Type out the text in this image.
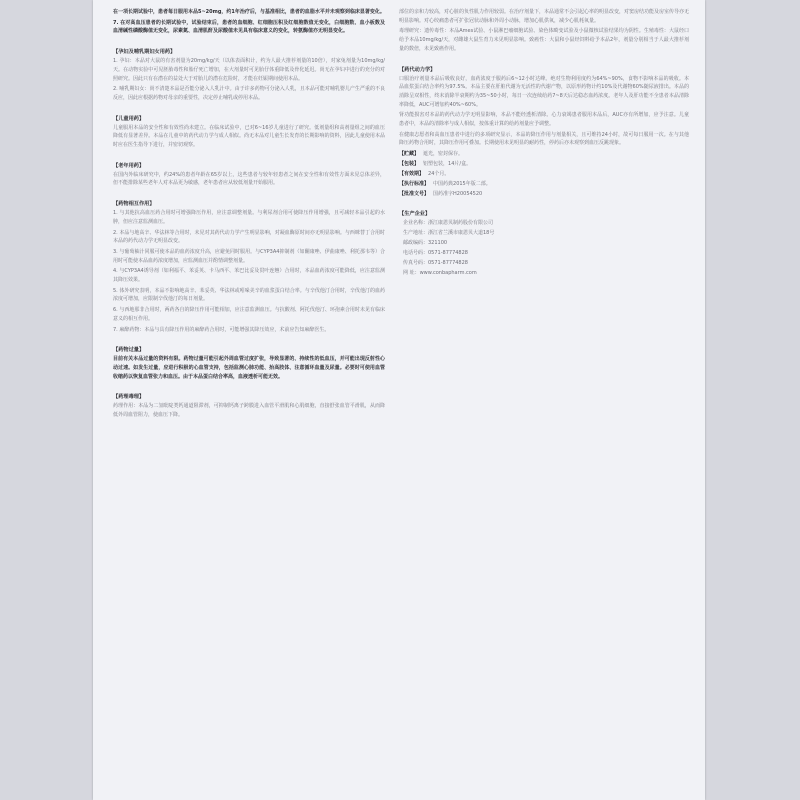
在一项长期试验中，患者每日服用本品5~20mg，约1年治疗后，与基准相比，患者的血脂水平并未观察到临床显著变化。

7. 在对高血压患者的长期试验中，试验结束后，患者的血细胞、红细胞压积及红细胞数值无变化，白细胞数、血小板数及血清碱性磷酸酶值无变化，尿素氮、血清肌酐及尿酸值未见具有临床意义的变化，转氨酶值亦无明显变化。

【孕妇及哺乳期妇女用药】

1. 孕妇：本品对大鼠的有害剂量为20mg/kg/天（以体表面积计，约为人最大推荐剂量的10倍），对家兔剂量为10mg/kg/天。在动物实验中可见胚胎毒性和胎仔死亡增加，在大剂量时可见胎仔体重降低及骨化延迟。尚无在孕妇中进行的充分的对照研究。因此只有在潜在的益处大于对胎儿的潜在危险时，才能在妊娠期间使用本品。

2. 哺乳期妇女：尚不清楚本品是否能分泌入人乳汁中。由于许多药物可分泌入人乳，且本品可能对哺乳婴儿产生严重的不良反应，因此应根据药物对母亲的重要性，决定停止哺乳或停用本品。

【儿童用药】

儿童服用本品的安全性和有效性尚未建立。在临床试验中，已对6~16岁儿童进行了研究。低剂量组和高剂量组之间的血压降低有显著差异。本品在儿童中的药代动力学与成人相似。尚无本品对儿童生长发育的长期影响的资料，因此儿童使用本品时应在医生指导下进行，并密切观察。

【老年用药】

在国内外临床研究中，约24%的患者年龄在65岁以上，这些患者与较年轻患者之间在安全性和有效性方面未见总体差异，但不能排除某些老年人对本品更为敏感，老年患者应从较低剂量开始服用。

【药物相互作用】

1. 与其他抗高血压药合用时可增强降压作用，应注意调整剂量。与利尿剂合用可使降压作用增强，且可减轻本品引起的水肿，但应注意监测血压。

2. 本品与地高辛、华法林等合用时，未见对其药代动力学产生明显影响，对凝血酶原时间亦无明显影响。与西咪替丁合用时本品的药代动力学无明显改变。

3. 与葡萄柚汁同服可使本品的血药浓度升高，应避免同时服用。与CYP3A4抑制剂（如酮康唑、伊曲康唑、利托那韦等）合用时可能使本品血药浓度增加，应监测血压并酌情调整剂量。

4. 与CYP3A4诱导剂（如利福平、苯妥英、卡马西平、苯巴比妥及贯叶连翘）合用时，本品血药浓度可能降低，应注意监测其降压效果。

5. 体外研究表明，本品不影响地高辛、苯妥英、华法林或吲哚美辛的血浆蛋白结合率。与辛伐他汀合用时，辛伐他汀的血药浓度可增加，应限制辛伐他汀的每日剂量。

6. 与西地那非合用时，两药各自的降压作用可能相加，应注意监测血压。与抗酸剂、阿托伐他汀、环孢素合用时未见有临床意义的相互作用。

7. 麻醉药物：本品与具有降压作用的麻醉药合用时，可能增强其降压效应，术前应告知麻醉医生。

【药物过量】

目前有关本品过量的资料有限。药物过量可能引起外周血管过度扩张，导致显著的、持续性的低血压，并可能出现反射性心动过速。如发生过量，应进行积极的心血管支持，包括监测心肺功能、抬高肢体、注意循环血量及尿量。必要时可使用血管收缩药以恢复血管张力和血压。由于本品蛋白结合率高，血液透析可能无效。

【药理毒理】

药理作用：本品为二氢吡啶类钙通道阻滞剂，可抑制钙离子跨膜进入血管平滑肌和心肌细胞，直接舒张血管平滑肌，从而降低外周血管阻力，使血压下降。

部位的亲和力较高，对心脏的负性肌力作用较弱。在治疗剂量下，本品通常不会引起心率的明显改变，对窦房结功能及房室传导亦无明显影响。对心绞痛患者可扩张冠状动脉和外周小动脉，增加心肌供氧，减少心肌耗氧量。

毒理研究：遗传毒性：本品Ames试验、小鼠淋巴瘤细胞试验、染色体畸变试验及小鼠微核试验结果均为阴性。生殖毒性：大鼠经口给予本品10mg/kg/天，对雌雄大鼠生育力未见明显影响。致癌性：大鼠和小鼠经饲料给予本品2年，剂量分别相当于人最大推荐剂量的数倍，未见致癌作用。

【药代动力学】

口服治疗剂量本品后吸收良好，血药浓度于服药后6~12小时达峰。绝对生物利用度约为64%~90%，食物不影响本品的吸收。本品血浆蛋白结合率约为97.5%。本品主要在肝脏代谢为无活性的代谢产物，以原形药物计约10%及代谢物60%随尿液排出。本品的消除呈双相性，终末消除半衰期约为35~50小时，每日一次连续给药7~8天后达稳态血药浓度。老年人及肝功能不全患者本品清除率降低，AUC可增加约40%~60%。

肾功能损害对本品的药代动力学无明显影响，本品不能经透析清除。心力衰竭患者服用本品后，AUC亦有所增加，应予注意。儿童患者中，本品的清除率与成人相似，按体重计算的给药剂量应予调整。

在健康志愿者和高血压患者中进行的多项研究显示，本品的降压作用与剂量相关，且可维持24小时，故可每日服用一次。在与其他降压药物合用时，其降压作用可叠加。长期使用未见明显的耐药性，停药后亦未观察到血压反跳现象。

【贮藏】 遮光，密封保存。
【包装】 铝塑包装，14片/盒。
【有效期】 24个月。
【执行标准】 中国药典2015年版二部。
【批准文号】 国药准字H20054520
【生产企业】
企业名称：浙江康恩贝制药股份有限公司
生产地址：浙江省兰溪市康恩贝大道18号
邮政编码：321100
电话号码：0571-87774828
传真号码：0571-87774828
网 址：www.conbapharm.com
